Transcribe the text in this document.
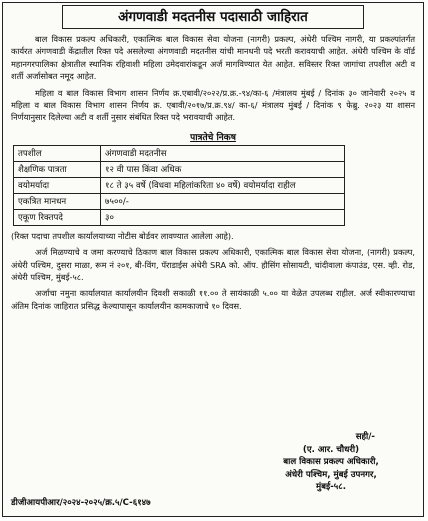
अंगणवाडी मदतनीस पदासाठी जाहिरात
बाल विकास प्रकल्प अधिकारी, एकात्मिक बाल विकास सेवा योजना (नागरी) प्रकल्प, अंधेरी पश्चिम नागरी, या प्रकल्पांतर्गत कार्यरत अंगणवाडी केंद्रातील रिक्त पदे असलेल्या अंगणवाडी मदतनीस यांची मानधनी पदे भरती करावयाची आहेत. अंधेरी पश्चिम के वॉर्ड महानगरपालिका क्षेत्रातील स्थानिक रहिवाशी महिला उमेदवारांकडून अर्ज मागविण्यात येत आहेत. सविस्तर रिक्त जागांचा तपशील अटी व शर्ती अर्जासोबत नमूद आहेत.
महिला व बाल विकास विभाग शासन निर्णय क्र.एबावी/२०२२/प्र.क्र.-९४/का-६ /मंत्रालय मुंबई / दिनांक ३० जानेवारी २०२५ व महिला व बाल विकास विभाग शासन निर्णय क्र. एबावी/२०१७/प्र.क्र.९४/ का-६/ मंत्रालय मुंबई / दिनांक ९ फेब्रु. २०२३ या शासन निर्णयानुसार दिलेल्या अटी व शर्ती नुसार संबंधित रिक्त पदे भरावयाची आहेत.
पात्रतेचे निकष
तपशील	अंगणवाडी मदतनीस
शैक्षणिक पात्रता	१२ वी पास किंवा अधिक
वयोमर्यादा	१८ ते ३५ वर्षे (विधवा महिलांकरिता ४० वर्षे) वयोमर्यादा राहील
एकत्रित मानधन	७५००/-
एकूण रिक्तपदे	३०
(रिक्त पदाचा तपशील कार्यालयाच्या नोटीस बोर्डवर लावण्यात आलेला आहे).
अर्ज मिळण्याचे व जमा करण्याचे ठिकाण बाल विकास प्रकल्प अधिकारी, एकात्मिक बाल विकास सेवा योजना, (नागरी) प्रकल्प, अंधेरी पश्चिम, दुसरा माळा, रूम नं २०१, बी-विंग, पॅराडाईस अंधेरी SRA को. ऑप. हौसिंग सोसायटी, चांदीवाला कंपाउंड, एस. व्ही. रोड, अंधेरी पश्चिम, मुंबई-५८.
अर्जाचा नमुना कार्यालयात कार्यालयीन दिवशी सकाळी ११.०० ते सायंकाळी ५.०० या वेळेत उपलब्ध राहील. अर्ज स्वीकारण्याचा अंतिम दिनांक जाहिरात प्रसिद्ध केल्यापासून कार्यालयीन कामकाजाचे १० दिवस.
सही/-
(ए. आर. चौधरी)
बाल विकास प्रकल्प अधिकारी,
अंधेरी पश्चिम, मुंबई उपनगर,
मुंबई-५८.
डीजीआयपीआर/२०२४-२०२५/क्र.५/C-६१४७
